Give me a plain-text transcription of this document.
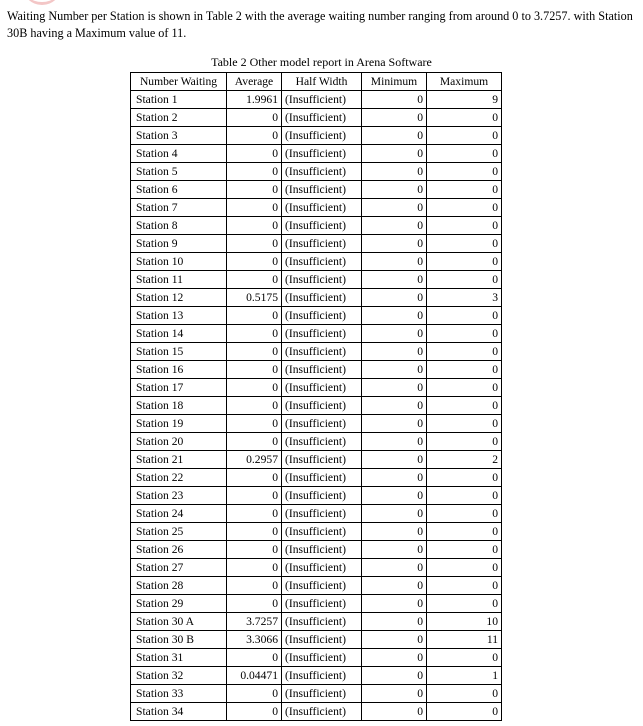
Waiting Number per Station is shown in Table 2 with the average waiting number ranging from around 0 to 3.7257. with Station 30B having a Maximum value of 11.

Table 2 Other model report in Arena Software
Number Waiting	Average	Half Width	Minimum	Maximum
Station 1	1.9961	(Insufficient)	0	9
Station 2	0	(Insufficient)	0	0
Station 3	0	(Insufficient)	0	0
Station 4	0	(Insufficient)	0	0
Station 5	0	(Insufficient)	0	0
Station 6	0	(Insufficient)	0	0
Station 7	0	(Insufficient)	0	0
Station 8	0	(Insufficient)	0	0
Station 9	0	(Insufficient)	0	0
Station 10	0	(Insufficient)	0	0
Station 11	0	(Insufficient)	0	0
Station 12	0.5175	(Insufficient)	0	3
Station 13	0	(Insufficient)	0	0
Station 14	0	(Insufficient)	0	0
Station 15	0	(Insufficient)	0	0
Station 16	0	(Insufficient)	0	0
Station 17	0	(Insufficient)	0	0
Station 18	0	(Insufficient)	0	0
Station 19	0	(Insufficient)	0	0
Station 20	0	(Insufficient)	0	0
Station 21	0.2957	(Insufficient)	0	2
Station 22	0	(Insufficient)	0	0
Station 23	0	(Insufficient)	0	0
Station 24	0	(Insufficient)	0	0
Station 25	0	(Insufficient)	0	0
Station 26	0	(Insufficient)	0	0
Station 27	0	(Insufficient)	0	0
Station 28	0	(Insufficient)	0	0
Station 29	0	(Insufficient)	0	0
Station 30 A	3.7257	(Insufficient)	0	10
Station 30 B	3.3066	(Insufficient)	0	11
Station 31	0	(Insufficient)	0	0
Station 32	0.04471	(Insufficient)	0	1
Station 33	0	(Insufficient)	0	0
Station 34	0	(Insufficient)	0	0
